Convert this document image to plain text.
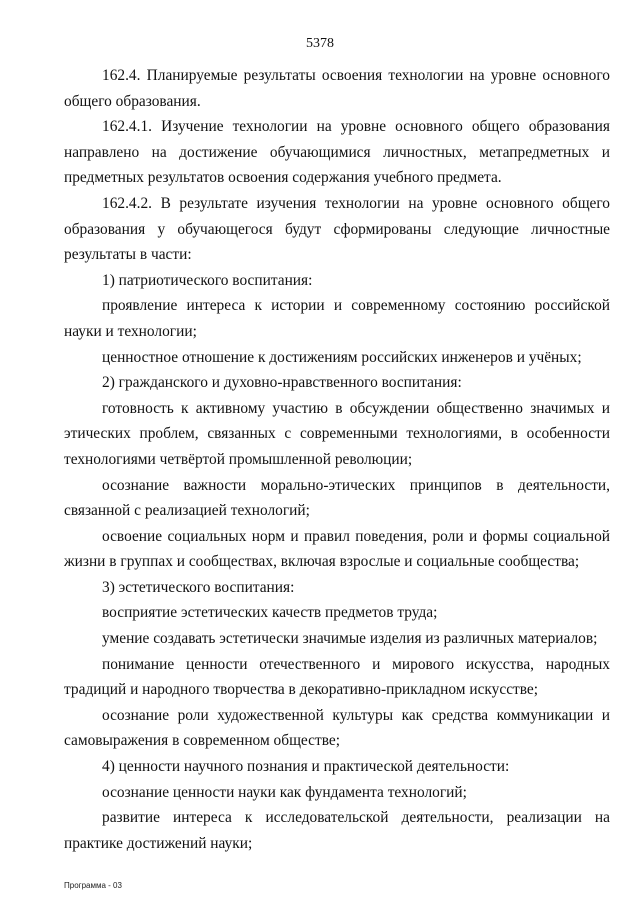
5378

162.4. Планируемые результаты освоения технологии на уровне основного общего образования.

162.4.1. Изучение технологии на уровне основного общего образования направлено на достижение обучающимися личностных, метапредметных и предметных результатов освоения содержания учебного предмета.

162.4.2. В результате изучения технологии на уровне основного общего образования у обучающегося будут сформированы следующие личностные результаты в части:

1) патриотического воспитания:

проявление интереса к истории и современному состоянию российской науки и технологии;

ценностное отношение к достижениям российских инженеров и учёных;

2) гражданского и духовно-нравственного воспитания:

готовность к активному участию в обсуждении общественно значимых и этических проблем, связанных с современными технологиями, в особенности технологиями четвёртой промышленной революции;

осознание важности морально-этических принципов в деятельности, связанной с реализацией технологий;

освоение социальных норм и правил поведения, роли и формы социальной жизни в группах и сообществах, включая взрослые и социальные сообщества;

3) эстетического воспитания:

восприятие эстетических качеств предметов труда;

умение создавать эстетически значимые изделия из различных материалов;

понимание ценности отечественного и мирового искусства, народных традиций и народного творчества в декоративно-прикладном искусстве;

осознание роли художественной культуры как средства коммуникации и самовыражения в современном обществе;

4) ценности научного познания и практической деятельности:

осознание ценности науки как фундамента технологий;

развитие интереса к исследовательской деятельности, реализации на практике достижений науки;

Программа - 03
